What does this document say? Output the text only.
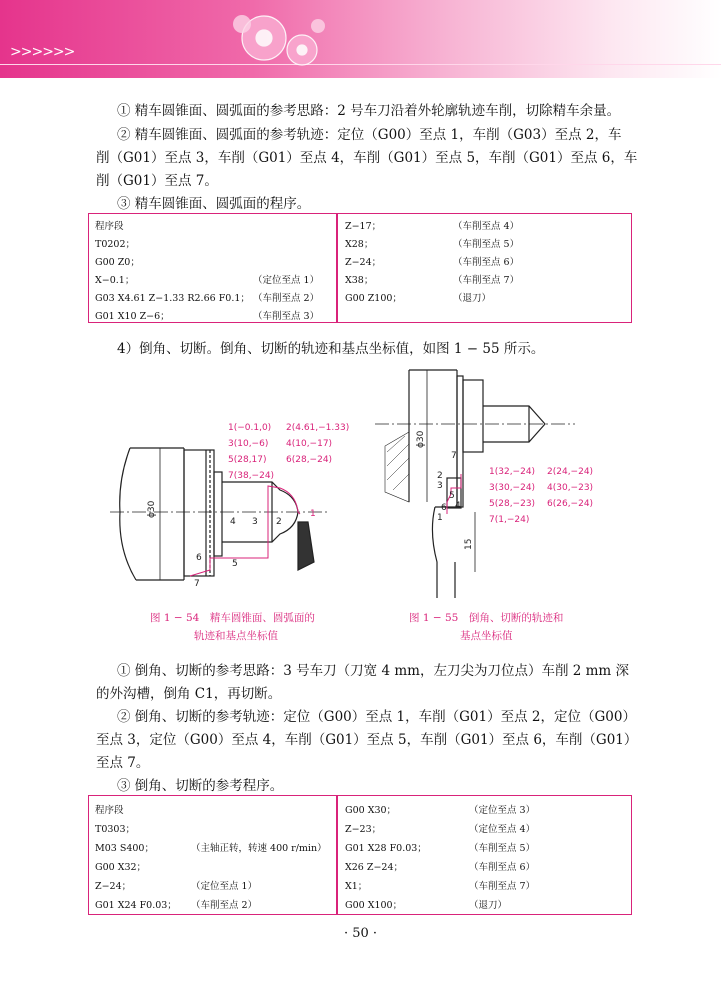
>>>>>>
① 精车圆锥面、圆弧面的参考思路：2 号车刀沿着外轮廓轨迹车削，切除精车余量。
② 精车圆锥面、圆弧面的参考轨迹：定位（G00）至点 1，车削（G03）至点 2，车
削（G01）至点 3，车削（G01）至点 4，车削（G01）至点 5，车削（G01）至点 6，车
削（G01）至点 7。
③ 精车圆锥面、圆弧面的程序。
程序段
T0202；
G00 Z0；
X−0.1；	（定位至点 1）
G03 X4.61 Z−1.33 R2.66 F0.1； （车削至点 2）
G01 X10 Z−6；	（车削至点 3）
Z−17；	（车削至点 4）
X28；	（车削至点 5）
Z−24；	（车削至点 6）
X38；	（车削至点 7）
G00 Z100；	（退刀）
4）倒角、切断。倒角、切断的轨迹和基点坐标值，如图 1 − 55 所示。
ϕ30
1(−0.1,0) 2(4.61,−1.33)
3(10,−6) 4(10,−17)
5(28,17) 6(28,−24)
7(38,−24)
1
2
3
4
5
6
7
ϕ30
15
1(32,−24) 2(24,−24)
3(30,−24) 4(30,−23)
5(28,−23) 6(26,−24)
7(1,−24)
1
2
3
4
5
6
7
图 1 − 54　精车圆锥面、圆弧面的
轨迹和基点坐标值
图 1 − 55　倒角、切断的轨迹和
基点坐标值
① 倒角、切断的参考思路：3 号车刀（刀宽 4 mm，左刀尖为刀位点）车削 2 mm 深
的外沟槽，倒角 C1，再切断。
② 倒角、切断的参考轨迹：定位（G00）至点 1，车削（G01）至点 2，定位（G00）
至点 3，定位（G00）至点 4，车削（G01）至点 5，车削（G01）至点 6，车削（G01）
至点 7。
③ 倒角、切断的参考程序。
程序段
T0303；
M03 S400；	（主轴正转，转速 400 r/min）
G00 X32；
Z−24；	（定位至点 1）
G01 X24 F0.03； （车削至点 2）
G00 X30；	（定位至点 3）
Z−23；	（定位至点 4）
G01 X28 F0.03；	（车削至点 5）
X26 Z−24；	（车削至点 6）
X1；	（车削至点 7）
G00 X100；	（退刀）
· 50 ·
